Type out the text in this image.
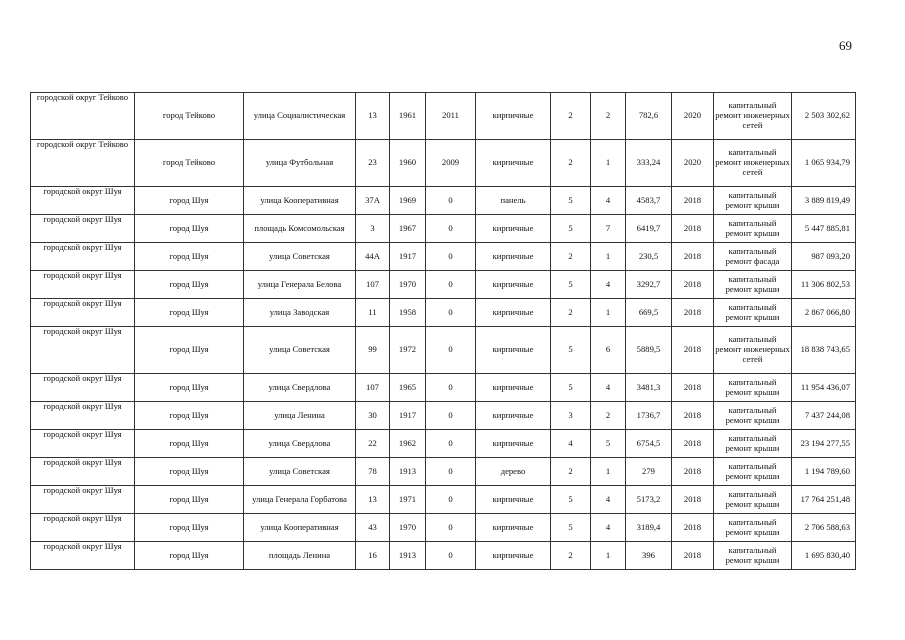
69
городской округ Тейково	город Тейково	улица Социалистическая	13	1961	2011	кирпичные	2	2	782,6	2020	капитальный ремонт инженерных сетей	2 503 302,62
городской округ Тейково	город Тейково	улица Футбольная	23	1960	2009	кирпичные	2	1	333,24	2020	капитальный ремонт инженерных сетей	1 065 934,79
городской округ Шуя	город Шуя	улица Кооперативная	37А	1969	0	панель	5	4	4583,7	2018	капитальный ремонт крыши	3 889 819,49
городской округ Шуя	город Шуя	площадь Комсомольская	3	1967	0	кирпичные	5	7	6419,7	2018	капитальный ремонт крыши	5 447 885,81
городской округ Шуя	город Шуя	улица Советская	44А	1917	0	кирпичные	2	1	230,5	2018	капитальный ремонт фасада	987 093,20
городской округ Шуя	город Шуя	улица Генерала Белова	107	1970	0	кирпичные	5	4	3292,7	2018	капитальный ремонт крыши	11 306 802,53
городской округ Шуя	город Шуя	улица Заводская	11	1958	0	кирпичные	2	1	669,5	2018	капитальный ремонт крыши	2 867 066,80
городской округ Шуя	город Шуя	улица Советская	99	1972	0	кирпичные	5	6	5889,5	2018	капитальный ремонт инженерных сетей	18 838 743,65
городской округ Шуя	город Шуя	улица Свердлова	107	1965	0	кирпичные	5	4	3481,3	2018	капитальный ремонт крыши	11 954 436,07
городской округ Шуя	город Шуя	улица Ленина	30	1917	0	кирпичные	3	2	1736,7	2018	капитальный ремонт крыши	7 437 244,08
городской округ Шуя	город Шуя	улица Свердлова	22	1962	0	кирпичные	4	5	6754,5	2018	капитальный ремонт крыши	23 194 277,55
городской округ Шуя	город Шуя	улица Советская	78	1913	0	дерево	2	1	279	2018	капитальный ремонт крыши	1 194 789,60
городской округ Шуя	город Шуя	улица Генерала Горбатова	13	1971	0	кирпичные	5	4	5173,2	2018	капитальный ремонт крыши	17 764 251,48
городской округ Шуя	город Шуя	улица Кооперативная	43	1970	0	кирпичные	5	4	3189,4	2018	капитальный ремонт крыши	2 706 588,63
городской округ Шуя	город Шуя	площадь Ленина	16	1913	0	кирпичные	2	1	396	2018	капитальный ремонт крыши	1 695 830,40
